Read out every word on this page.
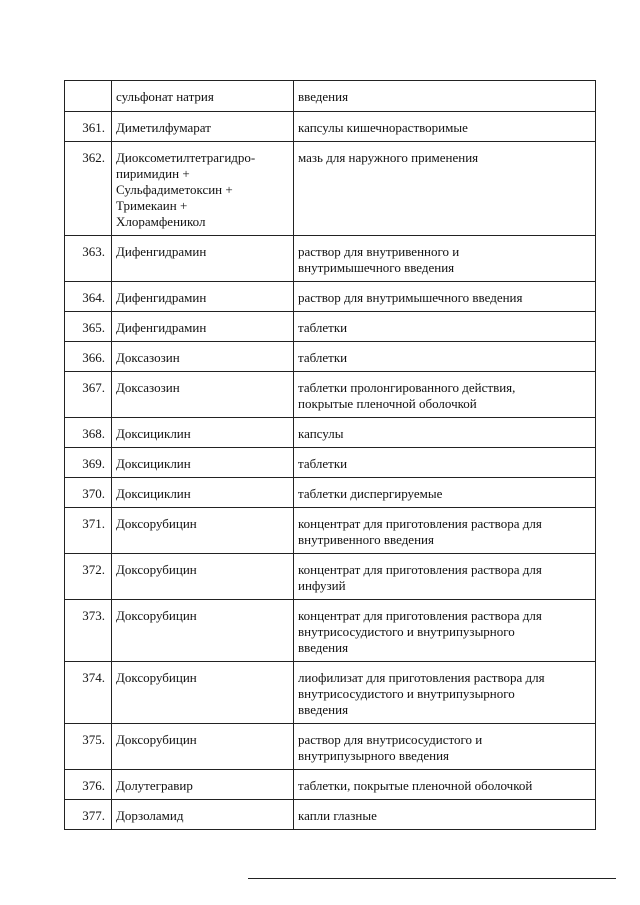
	сульфонат натрия	введения
361.	Диметилфумарат	капсулы кишечнорастворимые
362.	Диоксометилтетрагидро-
пиримидин +
Сульфадиметоксин +
Тримекаин +
Хлорамфеникол	мазь для наружного применения
363.	Дифенгидрамин	раствор для внутривенного и
внутримышечного введения
364.	Дифенгидрамин	раствор для внутримышечного введения
365.	Дифенгидрамин	таблетки
366.	Доксазозин	таблетки
367.	Доксазозин	таблетки пролонгированного действия,
покрытые пленочной оболочкой
368.	Доксициклин	капсулы
369.	Доксициклин	таблетки
370.	Доксициклин	таблетки диспергируемые
371.	Доксорубицин	концентрат для приготовления раствора для
внутривенного введения
372.	Доксорубицин	концентрат для приготовления раствора для
инфузий
373.	Доксорубицин	концентрат для приготовления раствора для
внутрисосудистого и внутрипузырного
введения
374.	Доксорубицин	лиофилизат для приготовления раствора для
внутрисосудистого и внутрипузырного
введения
375.	Доксорубицин	раствор для внутрисосудистого и
внутрипузырного введения
376.	Долутегравир	таблетки, покрытые пленочной оболочкой
377.	Дорзоламид	капли глазные
